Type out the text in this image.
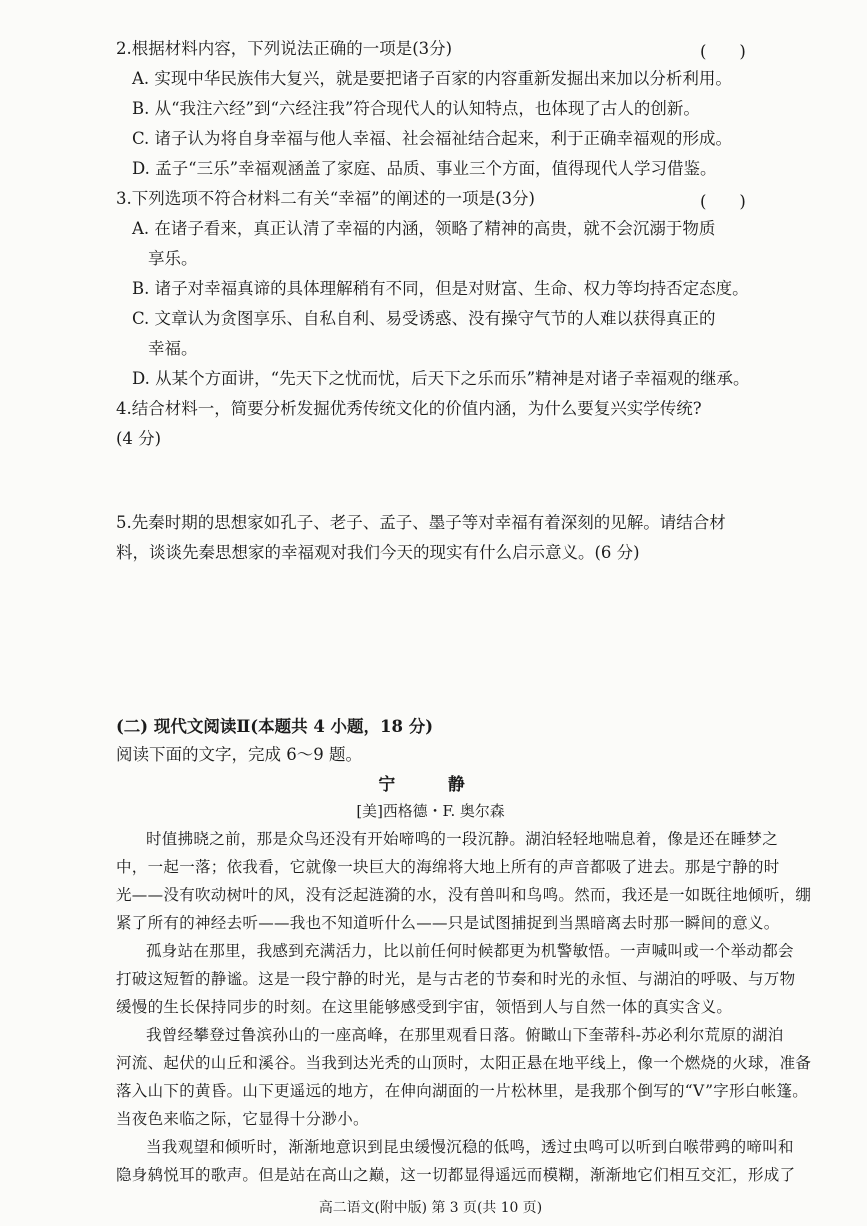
2.根据材料内容，下列说法正确的一项是(3分)	(　　)
A. 实现中华民族伟大复兴，就是要把诸子百家的内容重新发掘出来加以分析利用。
B. 从“我注六经”到“六经注我”符合现代人的认知特点，也体现了古人的创新。
C. 诸子认为将自身幸福与他人幸福、社会福祉结合起来，利于正确幸福观的形成。
D. 孟子“三乐”幸福观涵盖了家庭、品质、事业三个方面，值得现代人学习借鉴。
3.下列选项不符合材料二有关“幸福”的阐述的一项是(3分)	(　　)
A. 在诸子看来，真正认清了幸福的内涵，领略了精神的高贵，就不会沉溺于物质
享乐。
B. 诸子对幸福真谛的具体理解稍有不同，但是对财富、生命、权力等均持否定态度。
C. 文章认为贪图享乐、自私自利、易受诱惑、没有操守气节的人难以获得真正的
幸福。
D. 从某个方面讲，“先天下之忧而忧，后天下之乐而乐”精神是对诸子幸福观的继承。
4.结合材料一，简要分析发掘优秀传统文化的价值内涵，为什么要复兴实学传统?
(4 分)
5.先秦时期的思想家如孔子、老子、孟子、墨子等对幸福有着深刻的见解。请结合材
料，谈谈先秦思想家的幸福观对我们今天的现实有什么启示意义。(6 分)
(二) 现代文阅读Ⅱ(本题共 4 小题，18 分)
阅读下面的文字，完成 6～9 题。
宁　静
[美]西格德・F. 奥尔森
时值拂晓之前，那是众鸟还没有开始啼鸣的一段沉静。湖泊轻轻地喘息着，像是还在睡梦之
中，一起一落；依我看，它就像一块巨大的海绵将大地上所有的声音都吸了进去。那是宁静的时
光——没有吹动树叶的风，没有泛起涟漪的水，没有兽叫和鸟鸣。然而，我还是一如既往地倾听，绷
紧了所有的神经去听——我也不知道听什么——只是试图捕捉到当黑暗离去时那一瞬间的意义。
孤身站在那里，我感到充满活力，比以前任何时候都更为机警敏悟。一声喊叫或一个举动都会
打破这短暂的静谧。这是一段宁静的时光，是与古老的节奏和时光的永恒、与湖泊的呼吸、与万物
缓慢的生长保持同步的时刻。在这里能够感受到宇宙，领悟到人与自然一体的真实含义。
我曾经攀登过鲁滨孙山的一座高峰，在那里观看日落。俯瞰山下奎蒂科-苏必利尔荒原的湖泊
河流、起伏的山丘和溪谷。当我到达光秃的山顶时，太阳正悬在地平线上，像一个燃烧的火球，准备
落入山下的黄昏。山下更遥远的地方，在伸向湖面的一片松林里，是我那个倒写的“V”字形白帐篷。
当夜色来临之际，它显得十分渺小。
当我观望和倾听时，渐渐地意识到昆虫缓慢沉稳的低鸣，透过虫鸣可以听到白喉带鹀的啼叫和
隐身鸫悦耳的歌声。但是站在高山之巅，这一切都显得遥远而模糊，渐渐地它们相互交汇，形成了
高二语文(附中版) 第 3 页(共 10 页)
